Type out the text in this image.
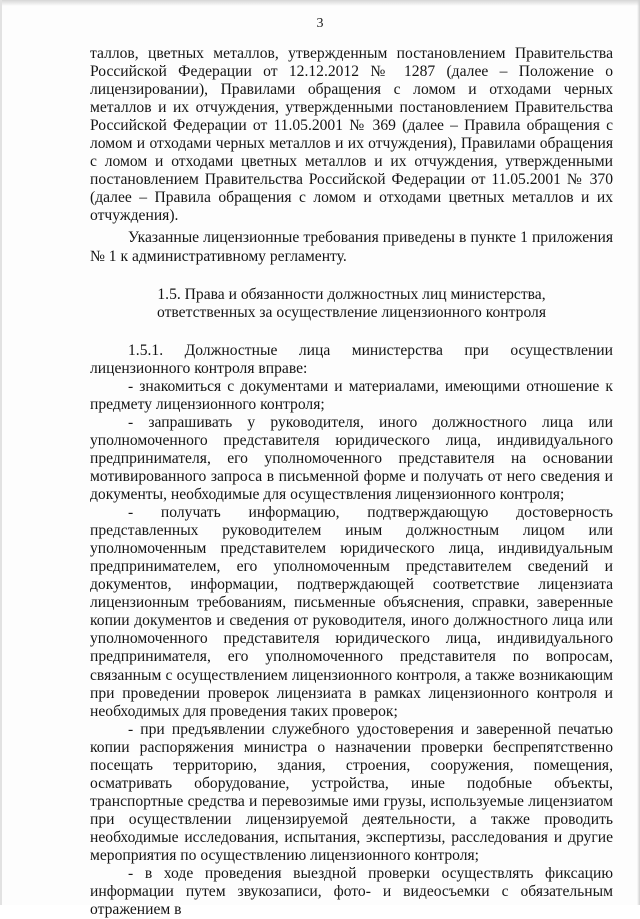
3

таллов, цветных металлов, утвержденным постановлением Правительства Российской Федерации от 12.12.2012 № 1287 (далее – Положение о лицензировании), Правилами обращения с ломом и отходами черных металлов и их отчуждения, утвержденными постановлением Правительства Российской Федерации от 11.05.2001 № 369 (далее – Правила обращения с ломом и отходами черных металлов и их отчуждения), Правилами обращения с ломом и отходами цветных металлов и их отчуждения, утвержденными постановлением Правительства Российской Федерации от 11.05.2001 № 370 (далее – Правила обращения с ломом и отходами цветных металлов и их отчуждения).

Указанные лицензионные требования приведены в пункте 1 приложения № 1 к административному регламенту.

1.5. Права и обязанности должностных лиц министерства,

ответственных за осуществление лицензионного контроля

1.5.1. Должностные лица министерства при осуществлении лицензионного контроля вправе:

- знакомиться с документами и материалами, имеющими отношение к предмету лицензионного контроля;

- запрашивать у руководителя, иного должностного лица или уполномоченного представителя юридического лица, индивидуального предпринимателя, его уполномоченного представителя на основании мотивированного запроса в письменной форме и получать от него сведения и документы, необходимые для осуществления лицензионного контроля;

- получать информацию, подтверждающую достоверность представленных руководителем иным должностным лицом или уполномоченным представителем юридического лица, индивидуальным предпринимателем, его уполномоченным представителем сведений и документов, информации, подтверждающей соответствие лицензиата лицензионным требованиям, письменные объяснения, справки, заверенные копии документов и сведения от руководителя, иного должностного лица или уполномоченного представителя юридического лица, индивидуального предпринимателя, его уполномоченного представителя по вопросам, связанным с осуществлением лицензионного контроля, а также возникающим при проведении проверок лицензиата в рамках лицензионного контроля и необходимых для проведения таких проверок;

- при предъявлении служебного удостоверения и заверенной печатью копии распоряжения министра о назначении проверки беспрепятственно посещать территорию, здания, строения, сооружения, помещения, осматривать оборудование, устройства, иные подобные объекты, транспортные средства и перевозимые ими грузы, используемые лицензиатом при осуществлении лицензируемой деятельности, а также проводить необходимые исследования, испытания, экспертизы, расследования и другие мероприятия по осуществлению лицензионного контроля;

- в ходе проведения выездной проверки осуществлять фиксацию информации путем звукозаписи, фото- и видеосъемки с обязательным отражением в
